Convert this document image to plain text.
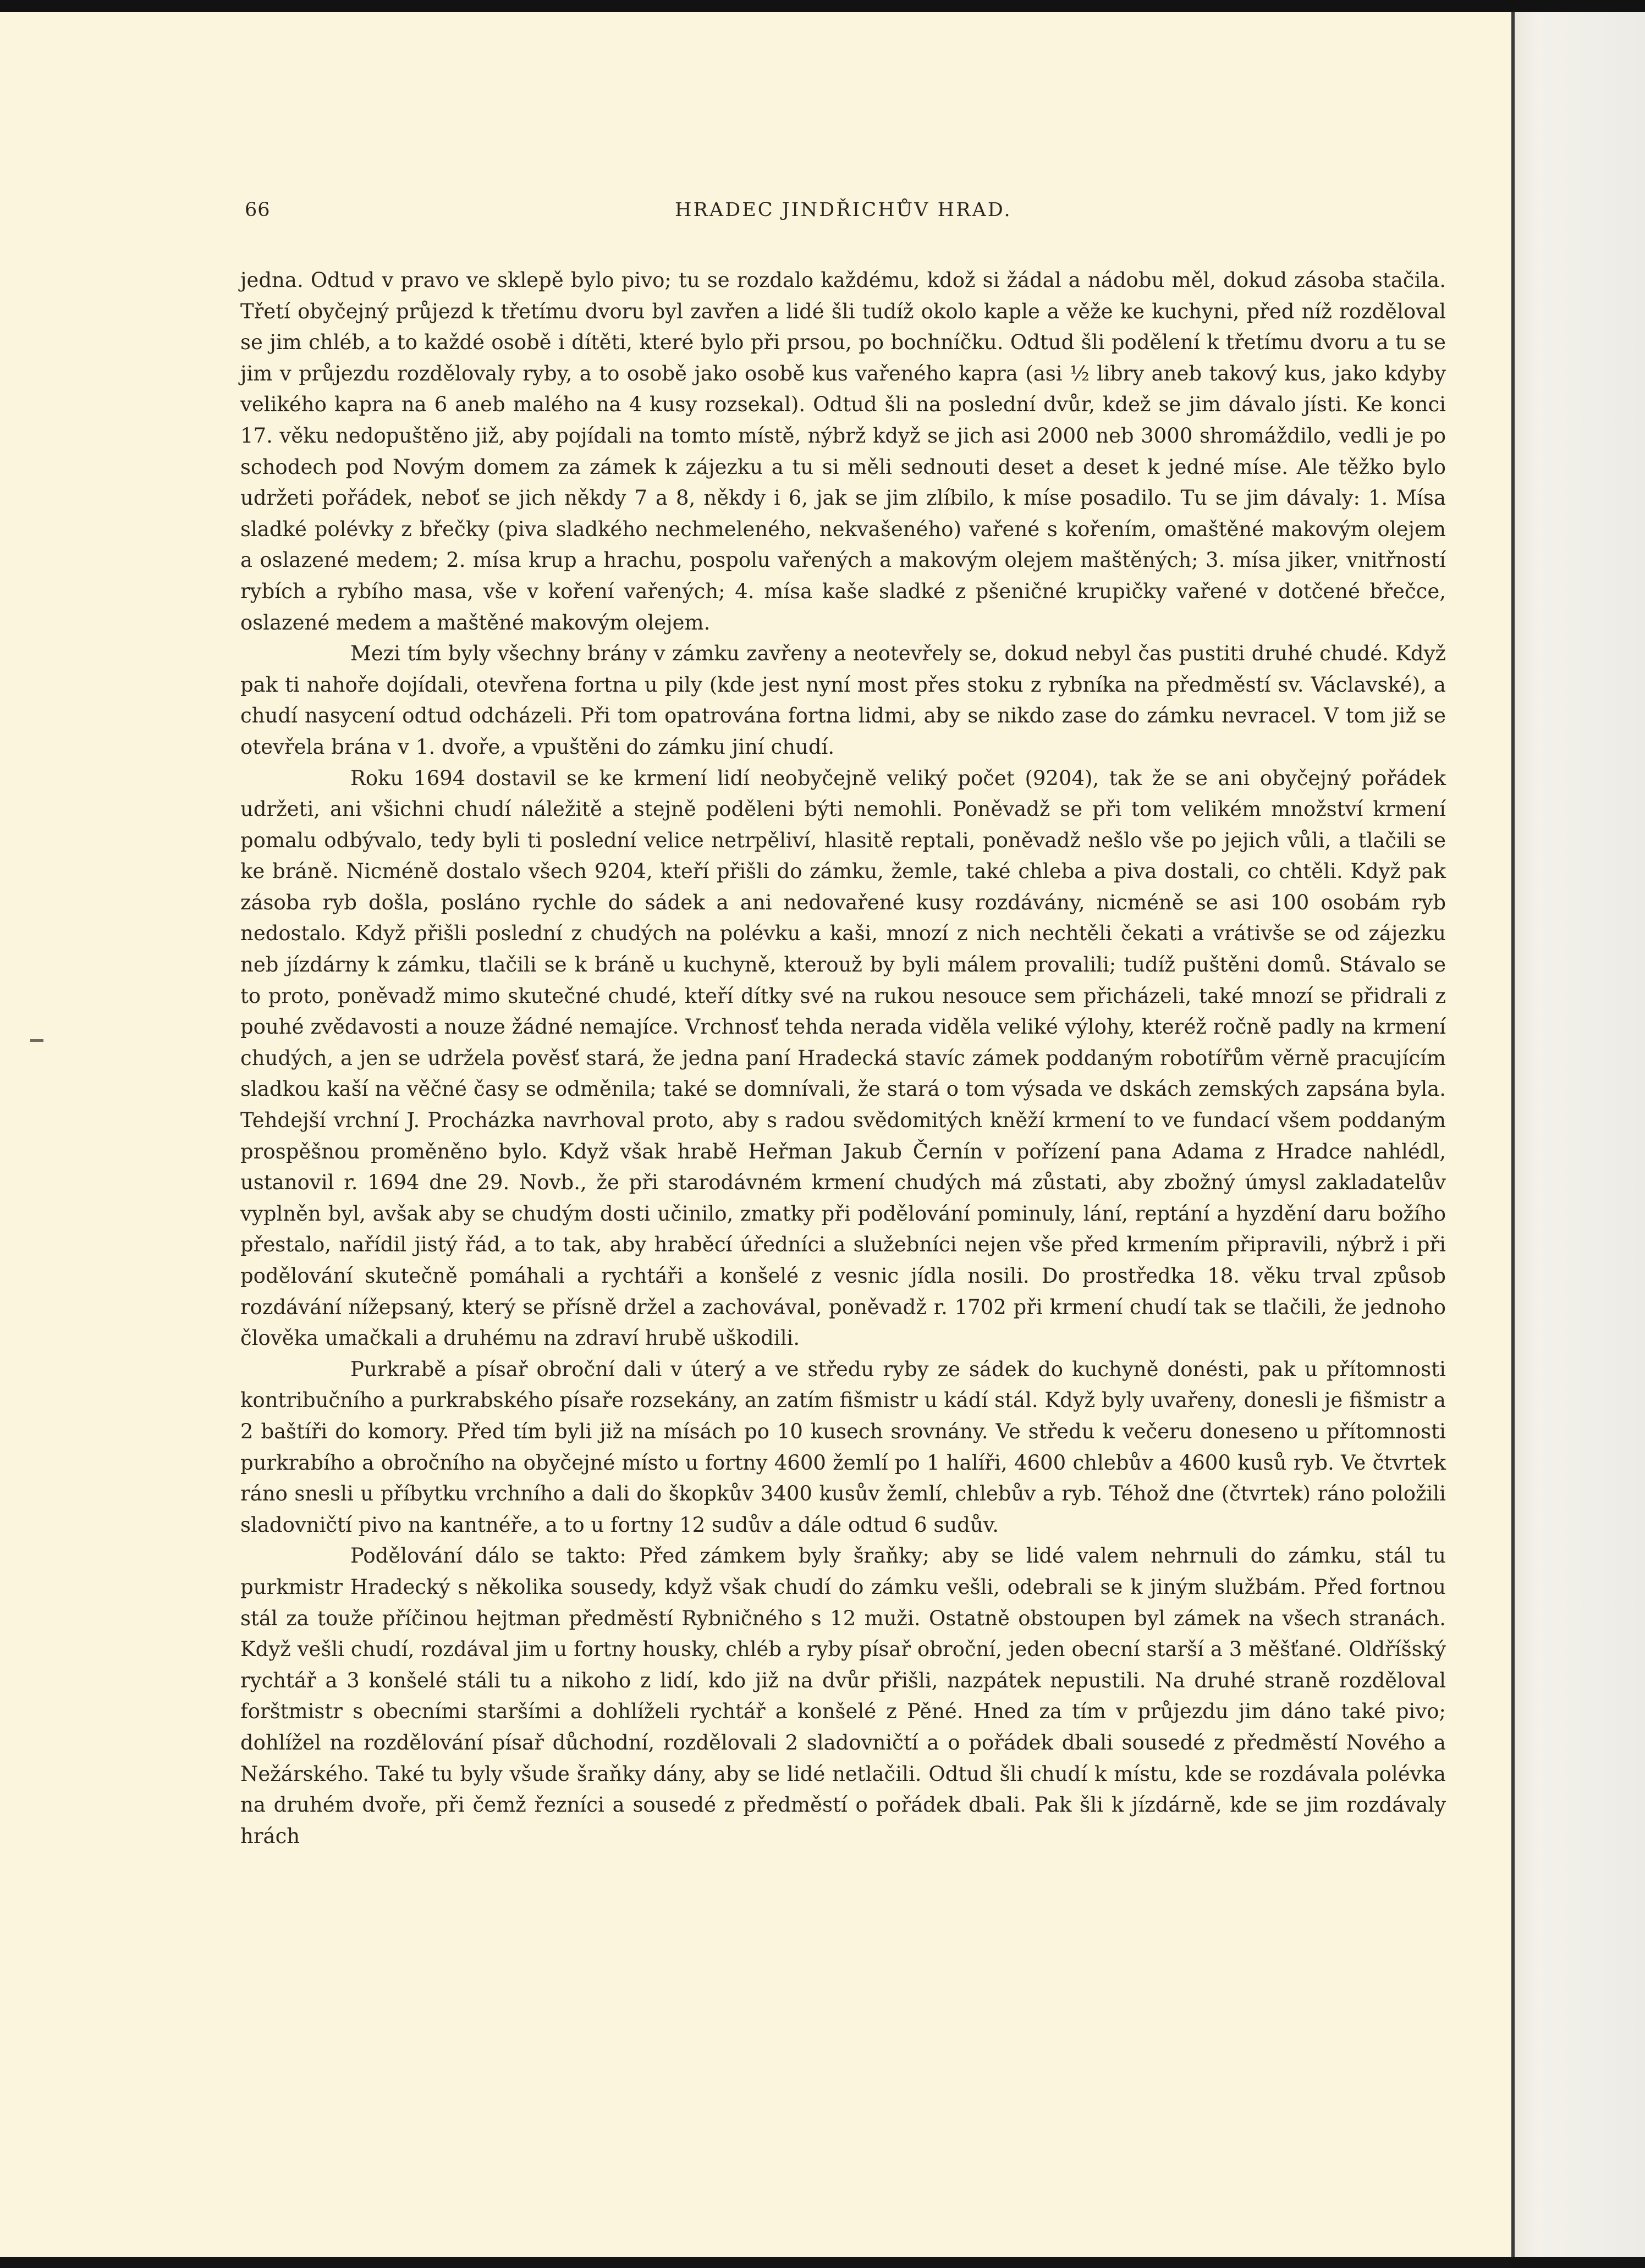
66	HRADEC JINDŘICHŮV HRAD.

jedna. Odtud v pravo ve sklepě bylo pivo; tu se rozdalo každému, kdož si žádal a nádobu měl, dokud zásoba stačila. Třetí obyčejný průjezd k třetímu dvoru byl zavřen a lidé šli tudíž okolo kaple a věže ke kuchyni, před níž rozděloval se jim chléb, a to každé osobě i dítěti, které bylo při prsou, po bochníčku. Odtud šli podělení k třetímu dvoru a tu se jim v průjezdu rozdělovaly ryby, a to osobě jako osobě kus vařeného kapra (asi ½ libry aneb takový kus, jako kdyby velikého kapra na 6 aneb malého na 4 kusy rozsekal). Odtud šli na poslední dvůr, kdež se jim dávalo jísti. Ke konci 17. věku nedopuštěno již, aby pojídali na tomto místě, nýbrž když se jich asi 2000 neb 3000 shromáždilo, vedli je po schodech pod Novým domem za zámek k zájezku a tu si měli sednouti deset a deset k jedné míse. Ale těžko bylo udržeti pořádek, neboť se jich někdy 7 a 8, někdy i 6, jak se jim zlíbilo, k míse posadilo. Tu se jim dávaly: 1. Mísa sladké polévky z břečky (piva sladkého nechmeleného, nekvašeného) vařené s kořením, omaštěné makovým olejem a oslazené medem; 2. mísa krup a hrachu, pospolu vařených a makovým olejem maštěných; 3. mísa jiker, vnitřností rybích a rybího masa, vše v koření vařených; 4. mísa kaše sladké z pšeničné krupičky vařené v dotčené břečce, oslazené medem a maštěné makovým olejem.

Mezi tím byly všechny brány v zámku zavřeny a neotevřely se, dokud nebyl čas pustiti druhé chudé. Když pak ti nahoře dojídali, otevřena fortna u pily (kde jest nyní most přes stoku z rybníka na předměstí sv. Václavské), a chudí nasycení odtud odcházeli. Při tom opatrována fortna lidmi, aby se nikdo zase do zámku nevracel. V tom již se otevřela brána v 1. dvoře, a vpuštěni do zámku jiní chudí.

Roku 1694 dostavil se ke krmení lidí neobyčejně veliký počet (9204), tak že se ani obyčejný pořádek udržeti, ani všichni chudí náležitě a stejně poděleni býti nemohli. Poněvadž se při tom velikém množství krmení pomalu odbývalo, tedy byli ti poslední velice netrpěliví, hlasitě reptali, poněvadž nešlo vše po jejich vůli, a tlačili se ke bráně. Nicméně dostalo všech 9204, kteří přišli do zámku, žemle, také chleba a piva dostali, co chtěli. Když pak zásoba ryb došla, posláno rychle do sádek a ani nedovařené kusy rozdávány, nicméně se asi 100 osobám ryb nedostalo. Když přišli poslední z chudých na polévku a kaši, mnozí z nich nechtěli čekati a vrátivše se od zájezku neb jízdárny k zámku, tlačili se k bráně u kuchyně, kterouž by byli málem provalili; tudíž puštěni domů. Stávalo se to proto, poněvadž mimo skutečné chudé, kteří dítky své na rukou nesouce sem přicházeli, také mnozí se přidrali z pouhé zvědavosti a nouze žádné nemajíce. Vrchnosť tehda nerada viděla veliké výlohy, kteréž ročně padly na krmení chudých, a jen se udržela pověsť stará, že jedna paní Hradecká stavíc zámek poddaným robotířům věrně pracujícím sladkou kaší na věčné časy se odměnila; také se domnívali, že stará o tom výsada ve dskách zemských zapsána byla. Tehdejší vrchní J. Procházka navrhoval proto, aby s radou svědomitých kněží krmení to ve fundací všem poddaným prospěšnou proměněno bylo. Když však hrabě Heřman Jakub Černín v pořízení pana Adama z Hradce nahlédl, ustanovil r. 1694 dne 29. Novb., že při starodávném krmení chudých má zůstati, aby zbožný úmysl zakladatelův vyplněn byl, avšak aby se chudým dosti učinilo, zmatky při podělování pominuly, lání, reptání a hyzdění daru božího přestalo, nařídil jistý řád, a to tak, aby hraběcí úředníci a služebníci nejen vše před krmením připravili, nýbrž i při podělování skutečně pomáhali a rychtáři a konšelé z vesnic jídla nosili. Do prostředka 18. věku trval způsob rozdávání nížepsaný, který se přísně držel a zachovával, poněvadž r. 1702 při krmení chudí tak se tlačili, že jednoho člověka umačkali a druhému na zdraví hrubě uškodili.

Purkrabě a písař obroční dali v úterý a ve středu ryby ze sádek do kuchyně donésti, pak u přítomnosti kontribučního a purkrabského písaře rozsekány, an zatím fišmistr u kádí stál. Když byly uvařeny, donesli je fišmistr a 2 baštíři do komory. Před tím byli již na mísách po 10 kusech srovnány. Ve středu k večeru doneseno u přítomnosti purkrabího a obročního na obyčejné místo u fortny 4600 žemlí po 1 halíři, 4600 chlebův a 4600 kusů ryb. Ve čtvrtek ráno snesli u příbytku vrchního a dali do škopkův 3400 kusův žemlí, chlebův a ryb. Téhož dne (čtvrtek) ráno položili sladovničtí pivo na kantnéře, a to u fortny 12 sudův a dále odtud 6 sudův.

Podělování dálo se takto: Před zámkem byly šraňky; aby se lidé valem nehrnuli do zámku, stál tu purkmistr Hradecký s několika sousedy, když však chudí do zámku vešli, odebrali se k jiným službám. Před fortnou stál za touže příčinou hejtman předměstí Rybničného s 12 muži. Ostatně obstoupen byl zámek na všech stranách. Když vešli chudí, rozdával jim u fortny housky, chléb a ryby písař obroční, jeden obecní starší a 3 měšťané. Oldříšský rychtář a 3 konšelé stáli tu a nikoho z lidí, kdo již na dvůr přišli, nazpátek nepustili. Na druhé straně rozděloval forštmistr s obecními staršími a dohlíželi rychtář a konšelé z Pěné. Hned za tím v průjezdu jim dáno také pivo; dohlížel na rozdělování písař důchodní, rozdělovali 2 sladovničtí a o pořádek dbali sousedé z předměstí Nového a Nežárského. Také tu byly všude šraňky dány, aby se lidé netlačili. Odtud šli chudí k místu, kde se rozdávala polévka na druhém dvoře, při čemž řezníci a sousedé z předměstí o pořádek dbali. Pak šli k jízdárně, kde se jim rozdávaly hrách
